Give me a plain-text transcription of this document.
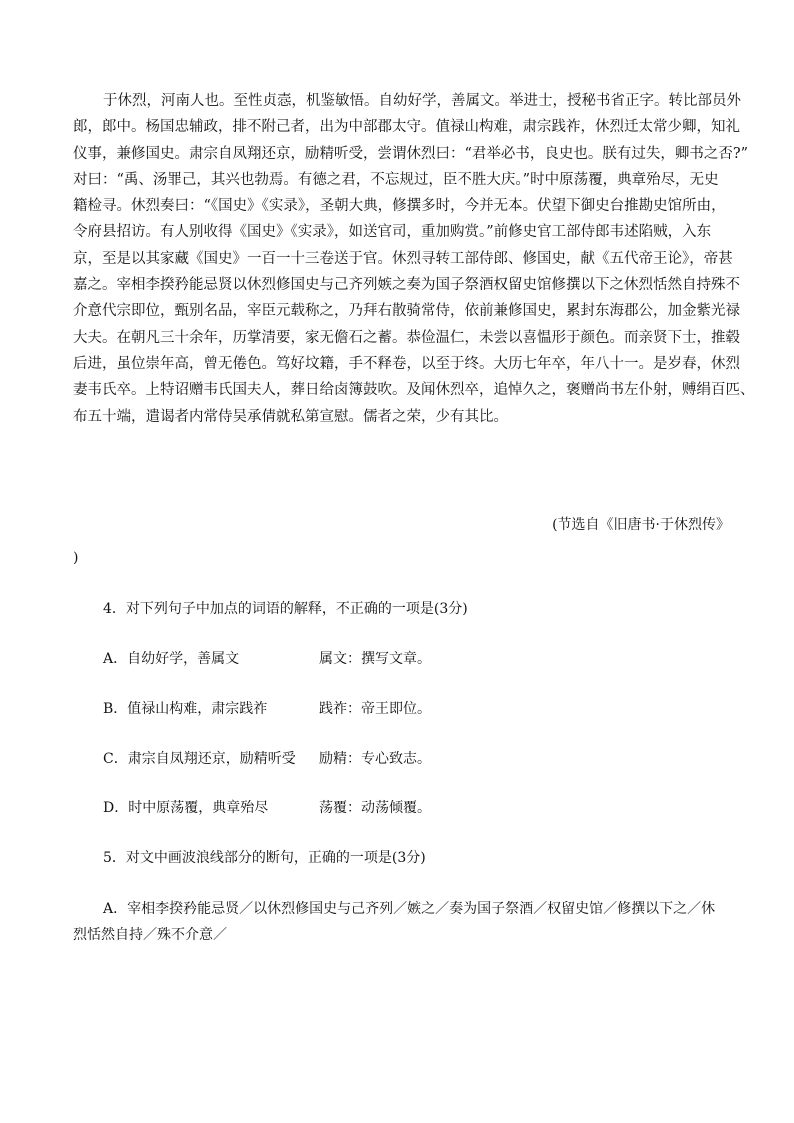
于休烈，河南人也。至性贞悫，机鉴敏悟。自幼好学，善属文。举进士，授秘书省正字。转比部员外
郎，郎中。杨国忠辅政，排不附己者，出为中部郡太守。值禄山构难，肃宗践祚，休烈迁太常少卿，知礼
仪事，兼修国史。肃宗自凤翔还京，励精听受，尝谓休烈曰：“君举必书，良史也。朕有过失，卿书之否?”
对曰：“禹、汤罪己，其兴也勃焉。有德之君，不忘规过，臣不胜大庆。”时中原荡覆，典章殆尽，无史
籍检寻。休烈奏曰：“《国史》《实录》，圣朝大典，修撰多时，今并无本。伏望下御史台推勘史馆所由，
令府县招访。有人别收得《国史》《实录》，如送官司，重加购赏。”前修史官工部侍郎韦述陷贼，入东
京，至是以其家藏《国史》一百一十三卷送于官。休烈寻转工部侍郎、修国史，献《五代帝王论》，帝甚
嘉之。宰相李揆矜能忌贤以休烈修国史与己齐列嫉之奏为国子祭酒权留史馆修撰以下之休烈恬然自持殊不
介意代宗即位，甄别名品，宰臣元载称之，乃拜右散骑常侍，依前兼修国史，累封东海郡公，加金紫光禄
大夫。在朝凡三十余年，历掌清要，家无儋石之蓄。恭俭温仁，未尝以喜愠形于颜色。而亲贤下士，推毂
后进，虽位崇年高，曾无倦色。笃好坟籍，手不释卷，以至于终。大历七年卒，年八十一。是岁春，休烈
妻韦氏卒。上特诏赠韦氏国夫人，葬日给卤簿鼓吹。及闻休烈卒，追悼久之，褒赠尚书左仆射，赙绢百匹、
布五十端，遣谒者内常侍吴承倩就私第宣慰。儒者之荣，少有其比。
(节选自《旧唐书·于休烈传》
)
4．对下列句子中加点的词语的解释，不正确的一项是(3分)
A．自幼好学，善属文	属文：撰写文章。
B．值禄山构难，肃宗践祚	践祚：帝王即位。
C．肃宗自凤翔还京，励精听受 励精：专心致志。
D．时中原荡覆，典章殆尽	荡覆：动荡倾覆。
5．对文中画波浪线部分的断句，正确的一项是(3分)
A．宰相李揆矜能忌贤／以休烈修国史与己齐列／嫉之／奏为国子祭酒／权留史馆／修撰以下之／休
烈恬然自持／殊不介意／
